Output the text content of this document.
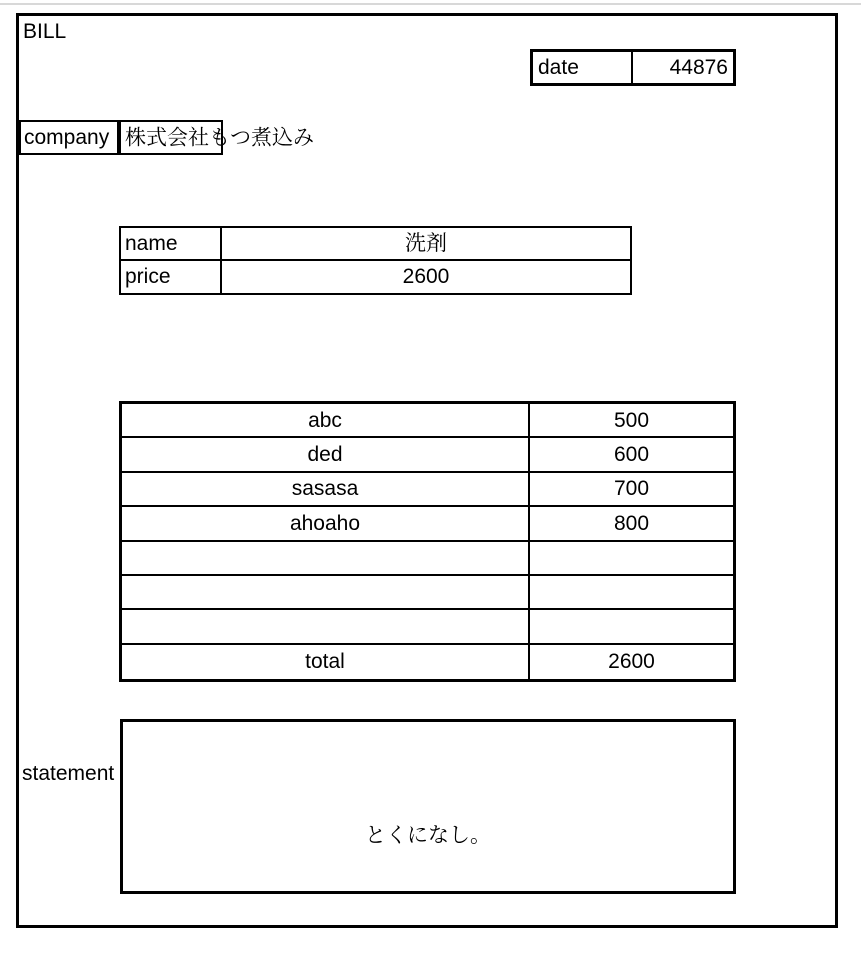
BILL
date	44876
company 株式会社もつ煮込み
name	洗剤
price	2600
abc	500
ded	600
sasasa	700
ahoaho	800
total	2600
statement
とくになし。
